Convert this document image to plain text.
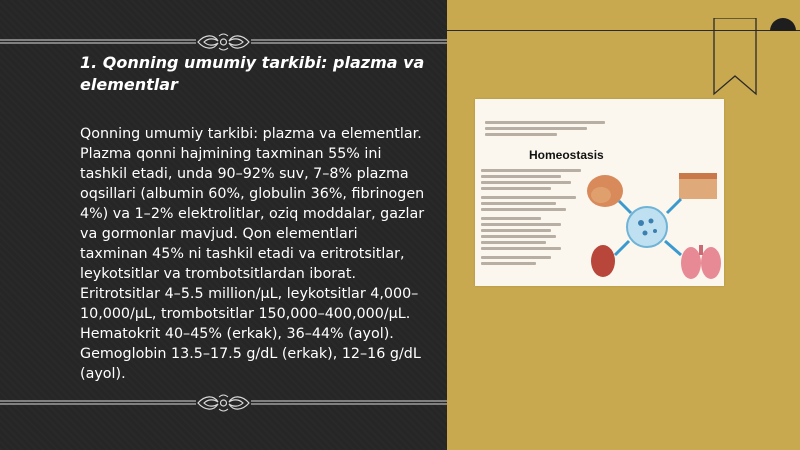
1. Qonning umumiy tarkibi: plazma va elementlar

Qonning umumiy tarkibi: plazma va elementlar. Plazma qonni hajmining taxminan 55% ini tashkil etadi, unda 90–92% suv, 7–8% plazma oqsillari (albumin 60%, globulin 36%, fibrinogen 4%) va 1–2% elektrolitlar, oziq moddalar, gazlar va gormonlar mavjud. Qon elementlari taxminan 45% ni tashkil etadi va eritrotsitlar, leykotsitlar va trombotsitlardan iborat. Eritrotsitlar 4–5.5 million/μL, leykotsitlar 4,000–10,000/μL, trombotsitlar 150,000–400,000/μL. Hematokrit 40–45% (erkak), 36–44% (ayol). Gemoglobin 13.5–17.5 g/dL (erkak), 12–16 g/dL (ayol).

Homeostasis
